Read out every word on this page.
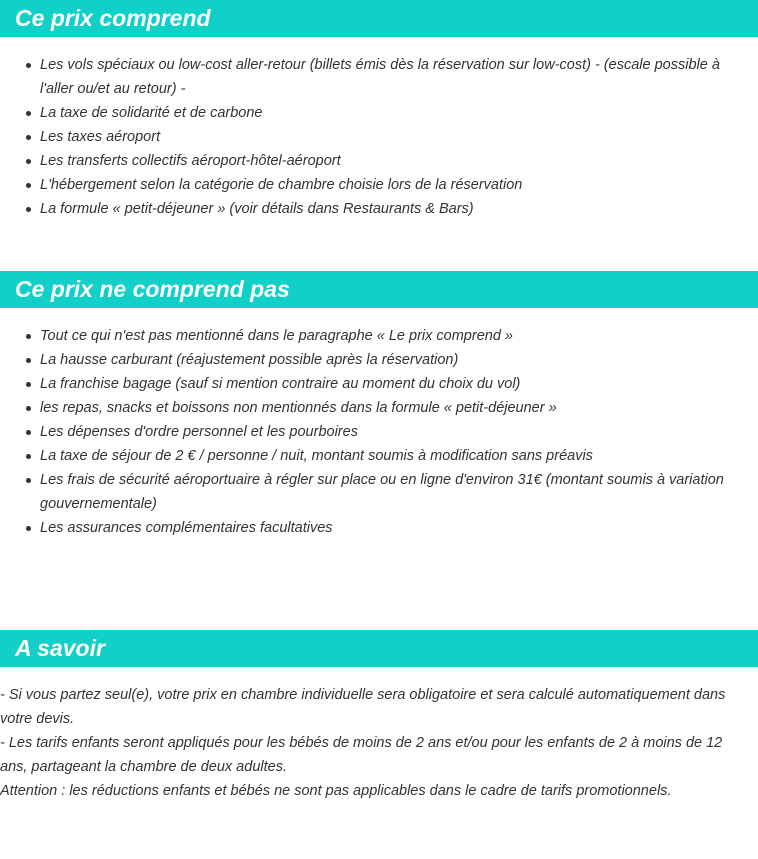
Ce prix comprend
Les vols spéciaux ou low-cost aller-retour (billets émis dès la réservation sur low-cost) - (escale possible à l'aller ou/et au retour) -
La taxe de solidarité et de carbone
Les taxes aéroport
Les transferts collectifs aéroport-hôtel-aéroport
L'hébergement selon la catégorie de chambre choisie lors de la réservation
La formule « petit-déjeuner » (voir détails dans Restaurants & Bars)
Ce prix ne comprend pas
Tout ce qui n'est pas mentionné dans le paragraphe « Le prix comprend »
La hausse carburant (réajustement possible après la réservation)
La franchise bagage (sauf si mention contraire au moment du choix du vol)
les repas, snacks et boissons non mentionnés dans la formule « petit-déjeuner »
Les dépenses d'ordre personnel et les pourboires
La taxe de séjour de 2 € / personne / nuit, montant soumis à modification sans préavis
Les frais de sécurité aéroportuaire à régler sur place ou en ligne d'environ 31€ (montant soumis à variation gouvernementale)
Les assurances complémentaires facultatives
A savoir
- Si vous partez seul(e), votre prix en chambre individuelle sera obligatoire et sera calculé automatiquement dans votre devis.
- Les tarifs enfants seront appliqués pour les bébés de moins de 2 ans et/ou pour les enfants de 2 à moins de 12 ans, partageant la chambre de deux adultes.
Attention : les réductions enfants et bébés ne sont pas applicables dans le cadre de tarifs promotionnels.
